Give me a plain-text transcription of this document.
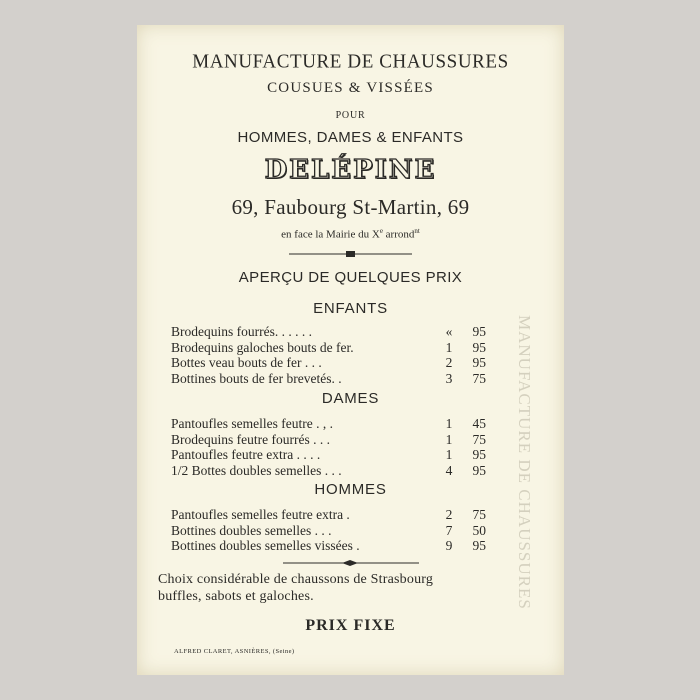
MANUFACTURE DE CHAUSSURES
COUSUES & VISSÉES
POUR
HOMMES, DAMES & ENFANTS
DELÉPINE
69, Faubourg St-Martin, 69
en face la Mairie du Xe arrond$^{nt}$
APERÇU DE QUELQUES PRIX
ENFANTS
Brodequins fourrés. . . . . .	«	95
Brodequins galoches bouts de fer.	1	95
Bottes veau bouts de fer . . .	2	95
Bottines bouts de fer brevetés. .	3	75
DAMES
Pantoufles semelles feutre . , .	1	45
Brodequins feutre fourrés . . .	1	75
Pantoufles feutre extra . . . .	1	95
1/2 Bottes doubles semelles . . .	4	95
HOMMES
Pantoufles semelles feutre extra .	2	75
Bottines doubles semelles . . .	7	50
Bottines doubles semelles vissées .	9	95
Choix considérable de chaussons de Strasbourg
buffles, sabots et galoches.
PRIX FIXE
ALFRED CLARET, ASNIÈRES, (Seine)
MANUFACTURE DE CHAUSSURES
